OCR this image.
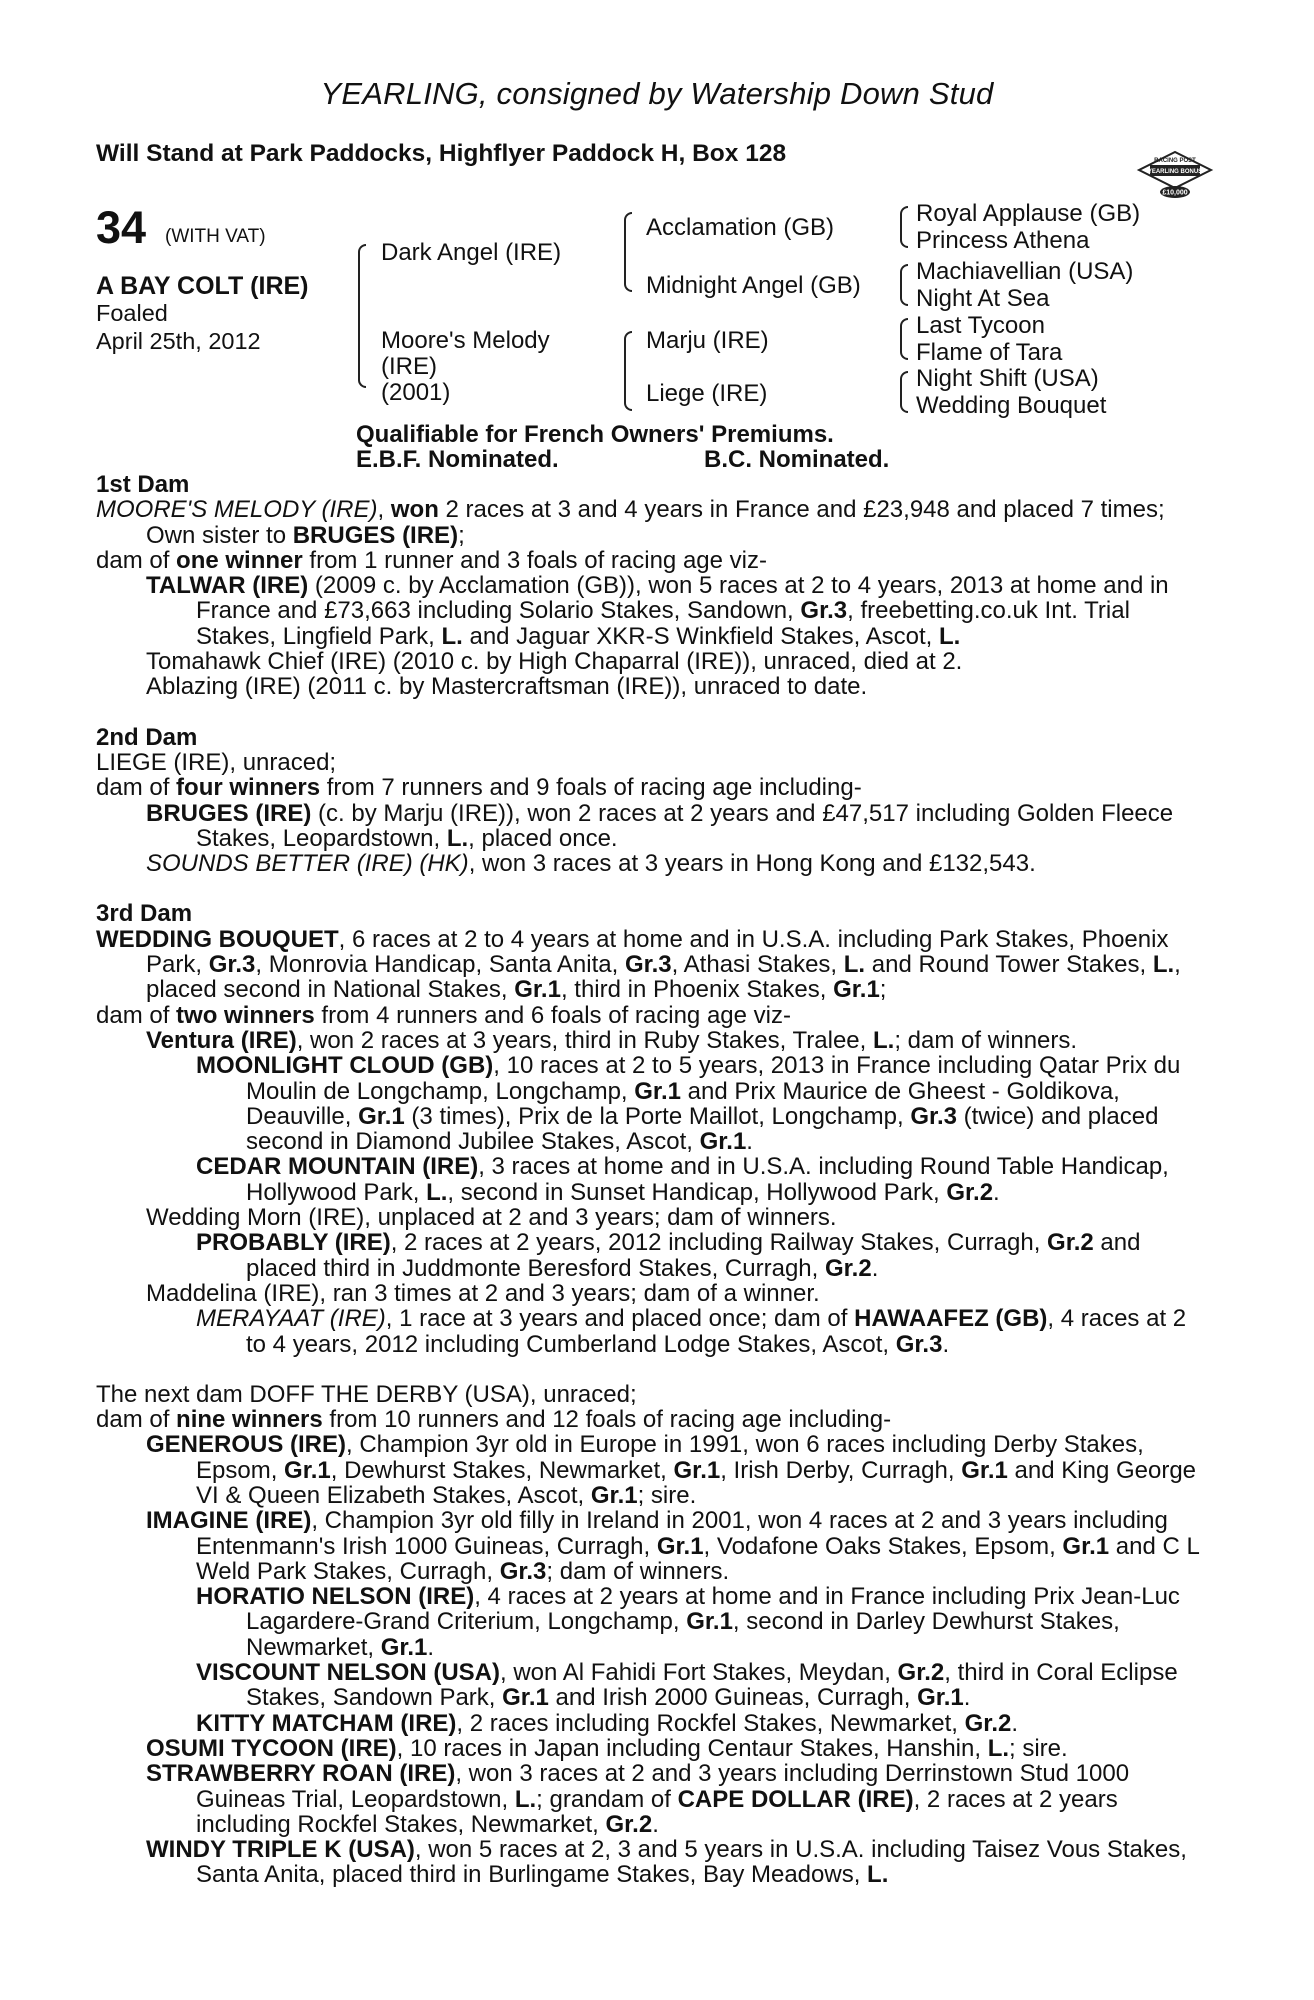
YEARLING, consigned by Watership Down Stud
Will Stand at Park Paddocks, Highflyer Paddock H, Box 128	RACING POST
YEARLING BONUS
£10,000
34 (WITH VAT)
A BAY COLT (IRE)
Foaled
April 25th, 2012
Dark Angel (IRE)
Moore's Melody
(IRE)
(2001)
Acclamation (GB)
Midnight Angel (GB)
Marju (IRE)
Liege (IRE)
Royal Applause (GB)
Princess Athena
Machiavellian (USA)
Night At Sea
Last Tycoon
Flame of Tara
Night Shift (USA)
Wedding Bouquet
Qualifiable for French Owners' Premiums.
E.B.F. Nominated.	B.C. Nominated.

1st Dam

MOORE'S MELODY (IRE), won 2 races at 3 and 4 years in France and £23,948 and placed 7 times; Own sister to BRUGES (IRE);

dam of one winner from 1 runner and 3 foals of racing age viz-

TALWAR (IRE) (2009 c. by Acclamation (GB)), won 5 races at 2 to 4 years, 2013 at home and in France and £73,663 including Solario Stakes, Sandown, Gr.3, freebetting.co.uk Int. Trial Stakes, Lingfield Park, L. and Jaguar XKR-S Winkfield Stakes, Ascot, L.

Tomahawk Chief (IRE) (2010 c. by High Chaparral (IRE)), unraced, died at 2.

Ablazing (IRE) (2011 c. by Mastercraftsman (IRE)), unraced to date.

2nd Dam

LIEGE (IRE), unraced;

dam of four winners from 7 runners and 9 foals of racing age including-

BRUGES (IRE) (c. by Marju (IRE)), won 2 races at 2 years and £47,517 including Golden Fleece Stakes, Leopardstown, L., placed once.

SOUNDS BETTER (IRE) (HK), won 3 races at 3 years in Hong Kong and £132,543.

3rd Dam

WEDDING BOUQUET, 6 races at 2 to 4 years at home and in U.S.A. including Park Stakes, Phoenix Park, Gr.3, Monrovia Handicap, Santa Anita, Gr.3, Athasi Stakes, L. and Round Tower Stakes, L., placed second in National Stakes, Gr.1, third in Phoenix Stakes, Gr.1;

dam of two winners from 4 runners and 6 foals of racing age viz-

Ventura (IRE), won 2 races at 3 years, third in Ruby Stakes, Tralee, L.; dam of winners.

MOONLIGHT CLOUD (GB), 10 races at 2 to 5 years, 2013 in France including Qatar Prix du Moulin de Longchamp, Longchamp, Gr.1 and Prix Maurice de Gheest - Goldikova, Deauville, Gr.1 (3 times), Prix de la Porte Maillot, Longchamp, Gr.3 (twice) and placed second in Diamond Jubilee Stakes, Ascot, Gr.1.

CEDAR MOUNTAIN (IRE), 3 races at home and in U.S.A. including Round Table Handicap, Hollywood Park, L., second in Sunset Handicap, Hollywood Park, Gr.2.

Wedding Morn (IRE), unplaced at 2 and 3 years; dam of winners.

PROBABLY (IRE), 2 races at 2 years, 2012 including Railway Stakes, Curragh, Gr.2 and placed third in Juddmonte Beresford Stakes, Curragh, Gr.2.

Maddelina (IRE), ran 3 times at 2 and 3 years; dam of a winner.

MERAYAAT (IRE), 1 race at 3 years and placed once; dam of HAWAAFEZ (GB), 4 races at 2 to 4 years, 2012 including Cumberland Lodge Stakes, Ascot, Gr.3.

The next dam DOFF THE DERBY (USA), unraced;

dam of nine winners from 10 runners and 12 foals of racing age including-

GENEROUS (IRE), Champion 3yr old in Europe in 1991, won 6 races including Derby Stakes, Epsom, Gr.1, Dewhurst Stakes, Newmarket, Gr.1, Irish Derby, Curragh, Gr.1 and King George VI & Queen Elizabeth Stakes, Ascot, Gr.1; sire.

IMAGINE (IRE), Champion 3yr old filly in Ireland in 2001, won 4 races at 2 and 3 years including Entenmann's Irish 1000 Guineas, Curragh, Gr.1, Vodafone Oaks Stakes, Epsom, Gr.1 and C L Weld Park Stakes, Curragh, Gr.3; dam of winners.

HORATIO NELSON (IRE), 4 races at 2 years at home and in France including Prix Jean-Luc Lagardere-Grand Criterium, Longchamp, Gr.1, second in Darley Dewhurst Stakes, Newmarket, Gr.1.

VISCOUNT NELSON (USA), won Al Fahidi Fort Stakes, Meydan, Gr.2, third in Coral Eclipse Stakes, Sandown Park, Gr.1 and Irish 2000 Guineas, Curragh, Gr.1.

KITTY MATCHAM (IRE), 2 races including Rockfel Stakes, Newmarket, Gr.2.

OSUMI TYCOON (IRE), 10 races in Japan including Centaur Stakes, Hanshin, L.; sire.

STRAWBERRY ROAN (IRE), won 3 races at 2 and 3 years including Derrinstown Stud 1000 Guineas Trial, Leopardstown, L.; grandam of CAPE DOLLAR (IRE), 2 races at 2 years including Rockfel Stakes, Newmarket, Gr.2.

WINDY TRIPLE K (USA), won 5 races at 2, 3 and 5 years in U.S.A. including Taisez Vous Stakes, Santa Anita, placed third in Burlingame Stakes, Bay Meadows, L.
